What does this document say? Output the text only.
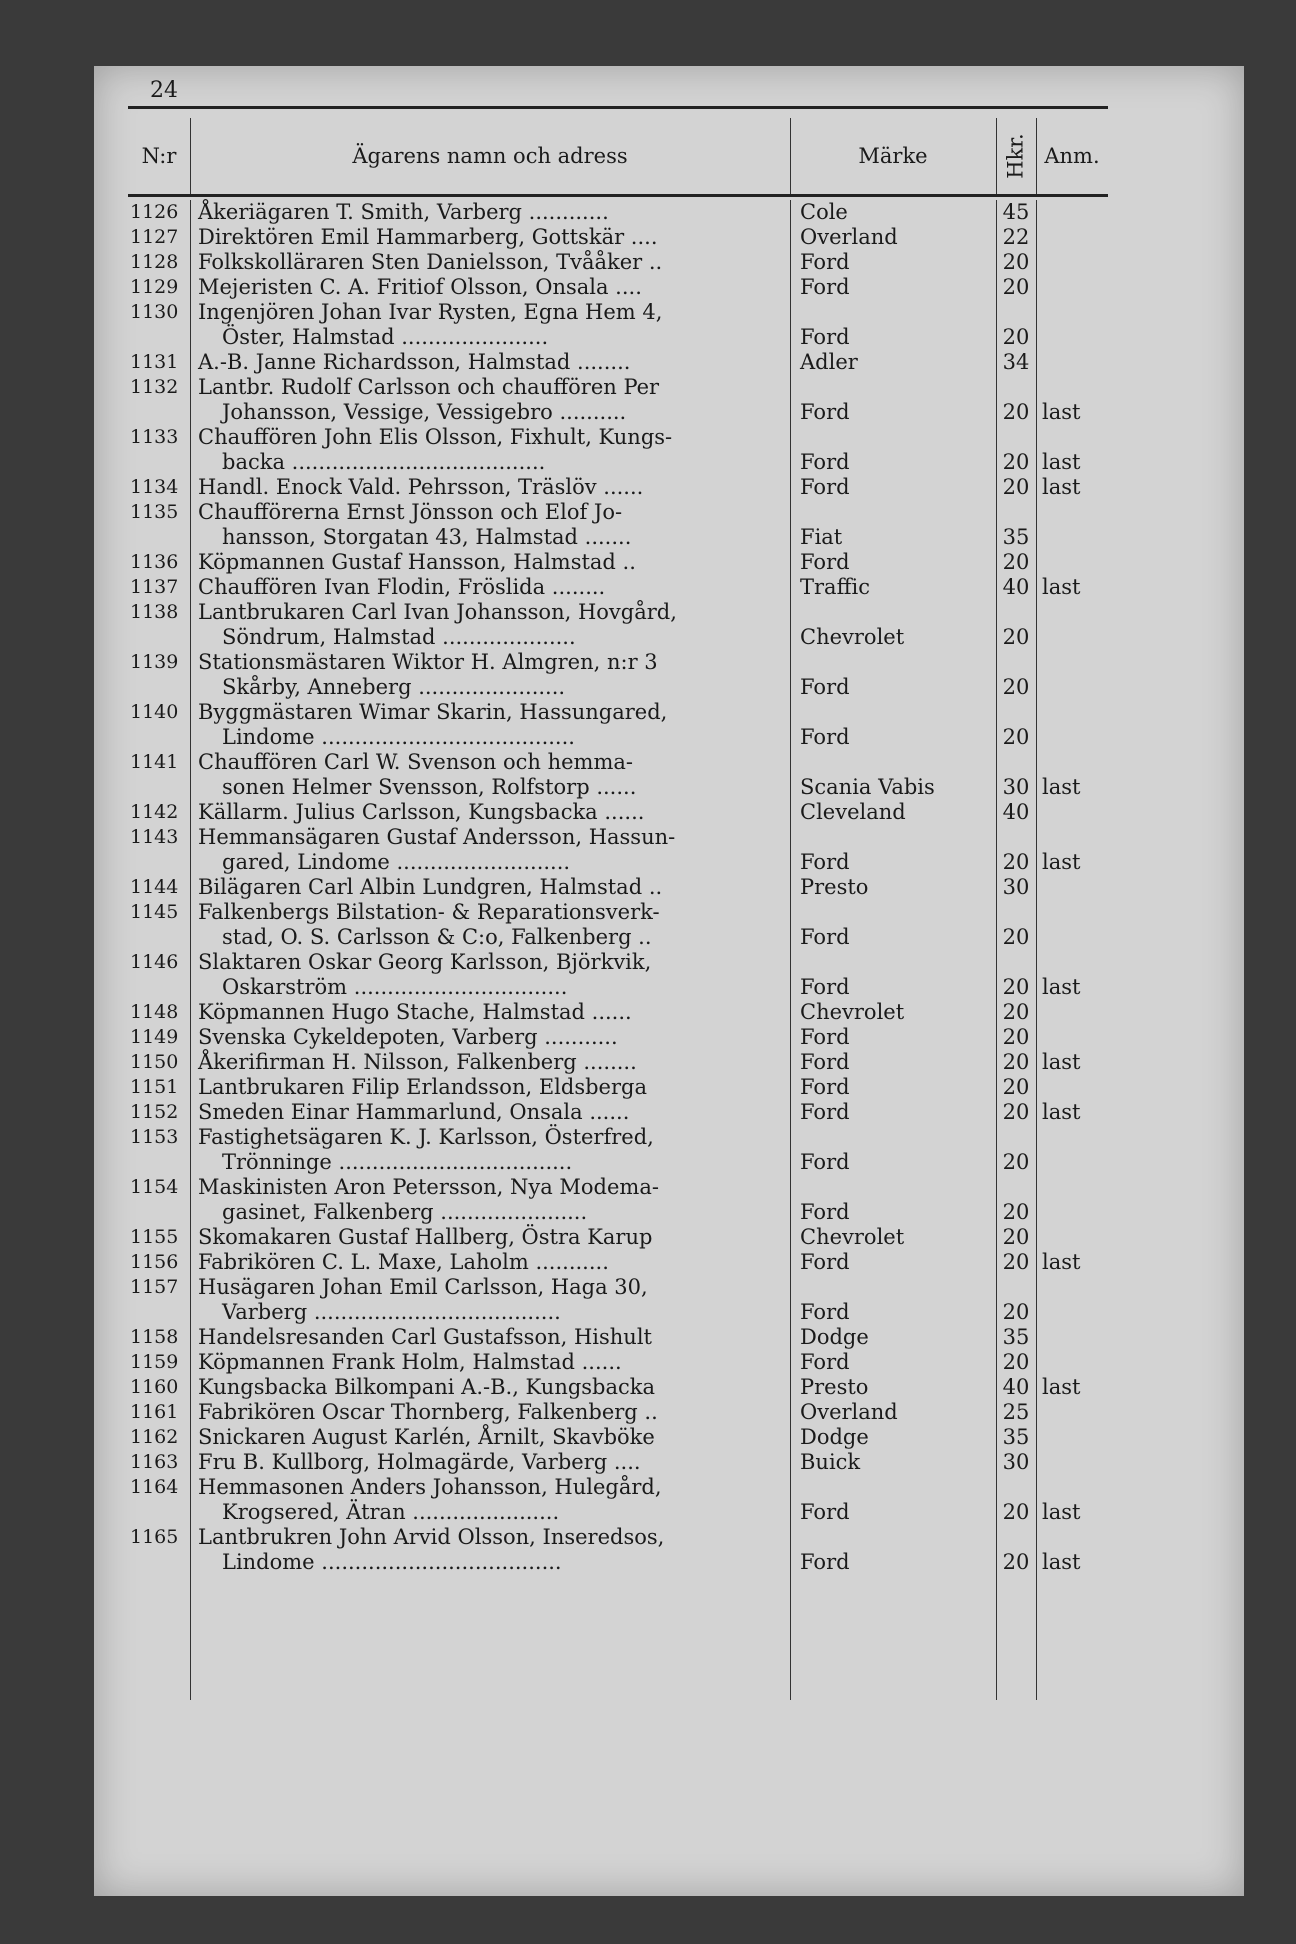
24
N:r	Ägarens namn och adress	Märke	Hkr. Anm.
1126 Åkeriägaren T. Smith, Varberg ............	Cole	45
1127 Direktören Emil Hammarberg, Gottskär ....	Overland	22
1128 Folkskolläraren Sten Danielsson, Tvååker ..	Ford	20
1129 Mejeristen C. A. Fritiof Olsson, Onsala ....	Ford	20
1130 Ingenjören Johan Ivar Rysten, Egna Hem 4,
Öster, Halmstad ......................	Ford	20
1131 A.-B. Janne Richardsson, Halmstad ........	Adler	34
1132 Lantbr. Rudolf Carlsson och chauffören Per
Johansson, Vessige, Vessigebro ..........	Ford	20 last
1133 Chauffören John Elis Olsson, Fixhult, Kungs-
backa ......................................	Ford	20 last
1134 Handl. Enock Vald. Pehrsson, Träslöv ......	Ford	20 last
1135 Chaufförerna Ernst Jönsson och Elof Jo-
hansson, Storgatan 43, Halmstad .......	Fiat	35
1136 Köpmannen Gustaf Hansson, Halmstad ..	Ford	20
1137 Chauffören Ivan Flodin, Fröslida ........	Traffic	40 last
1138 Lantbrukaren Carl Ivan Johansson, Hovgård,
Söndrum, Halmstad ....................	Chevrolet	20
1139 Stationsmästaren Wiktor H. Almgren, n:r 3
Skårby, Anneberg ......................	Ford	20
1140 Byggmästaren Wimar Skarin, Hassungared,
Lindome ......................................	Ford	20
1141 Chauffören Carl W. Svenson och hemma-
sonen Helmer Svensson, Rolfstorp ......	Scania Vabis	30 last
1142 Källarm. Julius Carlsson, Kungsbacka ......	Cleveland	40
1143 Hemmansägaren Gustaf Andersson, Hassun-
gared, Lindome ..........................	Ford	20 last
1144 Bilägaren Carl Albin Lundgren, Halmstad ..	Presto	30
1145 Falkenbergs Bilstation- & Reparationsverk-
stad, O. S. Carlsson & C:o, Falkenberg ..	Ford	20
1146 Slaktaren Oskar Georg Karlsson, Björkvik,
Oskarström ................................	Ford	20 last
1148 Köpmannen Hugo Stache, Halmstad ......	Chevrolet	20
1149 Svenska Cykeldepoten, Varberg ...........	Ford	20
1150 Åkerifirman H. Nilsson, Falkenberg ........	Ford	20 last
1151 Lantbrukaren Filip Erlandsson, Eldsberga	Ford	20
1152 Smeden Einar Hammarlund, Onsala ......	Ford	20 last
1153 Fastighetsägaren K. J. Karlsson, Österfred,
Trönninge ...................................	Ford	20
1154 Maskinisten Aron Petersson, Nya Modema-
gasinet, Falkenberg ......................	Ford	20
1155 Skomakaren Gustaf Hallberg, Östra Karup	Chevrolet	20
1156 Fabrikören C. L. Maxe, Laholm ...........	Ford	20 last
1157 Husägaren Johan Emil Carlsson, Haga 30,
Varberg .....................................	Ford	20
1158 Handelsresanden Carl Gustafsson, Hishult	Dodge	35
1159 Köpmannen Frank Holm, Halmstad ......	Ford	20
1160 Kungsbacka Bilkompani A.-B., Kungsbacka	Presto	40 last
1161 Fabrikören Oscar Thornberg, Falkenberg ..	Overland	25
1162 Snickaren August Karlén, Årnilt, Skavböke	Dodge	35
1163 Fru B. Kullborg, Holmagärde, Varberg ....	Buick	30
1164 Hemmasonen Anders Johansson, Hulegård,
Krogsered, Ätran ......................	Ford	20 last
1165 Lantbrukren John Arvid Olsson, Inseredsos,
Lindome ....................................	Ford	20 last
